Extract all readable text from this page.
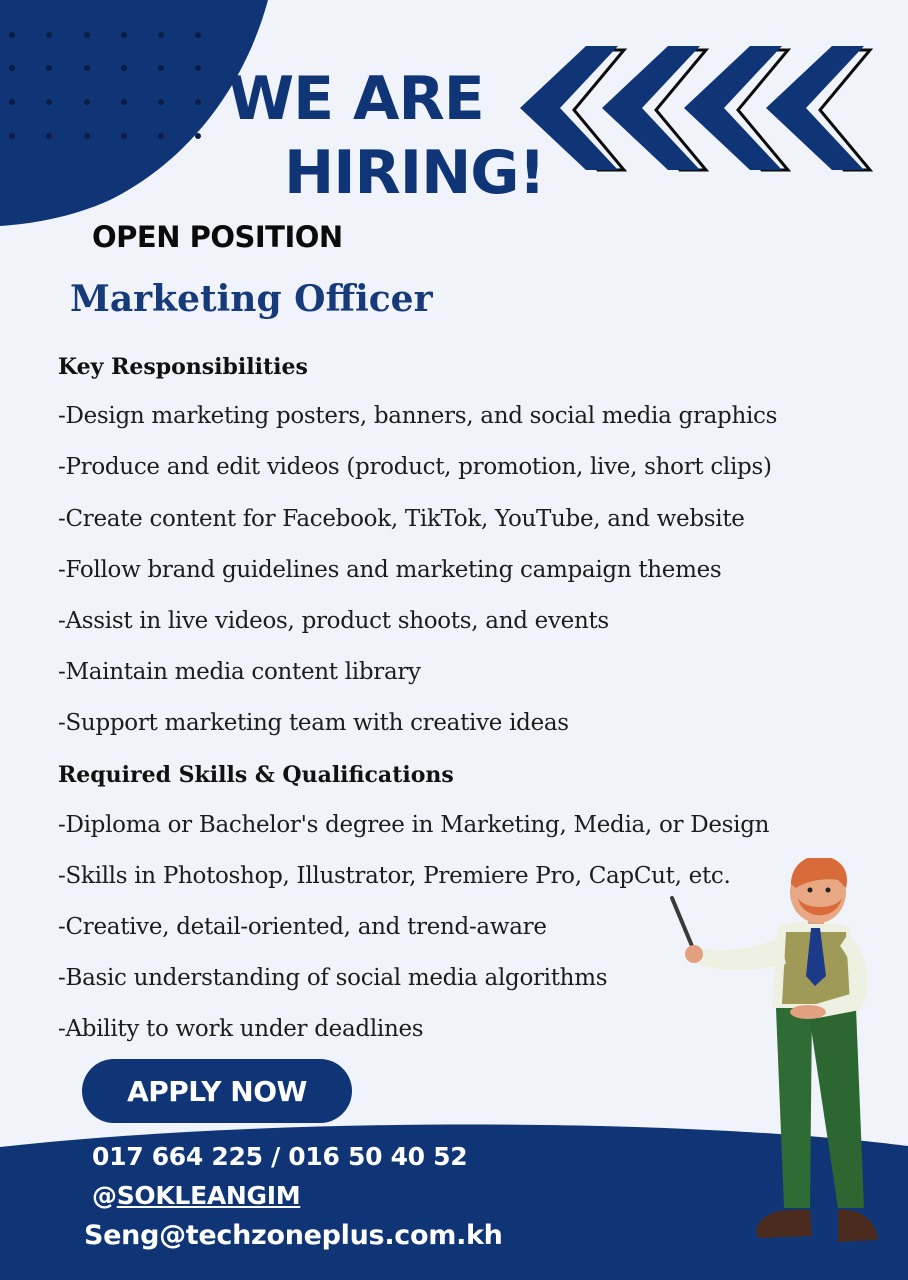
WE ARE
HIRING!
OPEN POSITION
Marketing Officer
Key Responsibilities
-Design marketing posters, banners, and social media graphics
-Produce and edit videos (product, promotion, live, short clips)
-Create content for Facebook, TikTok, YouTube, and website
-Follow brand guidelines and marketing campaign themes
-Assist in live videos, product shoots, and events
-Maintain media content library
-Support marketing team with creative ideas
Required Skills & Qualifications
-Diploma or Bachelor's degree in Marketing, Media, or Design
-Skills in Photoshop, Illustrator, Premiere Pro, CapCut, etc.
-Creative, detail-oriented, and trend-aware
-Basic understanding of social media algorithms
-Ability to work under deadlines
APPLY NOW
017 664 225 / 016 50 40 52
@SOKLEANGIM
Seng@techzoneplus.com.kh
